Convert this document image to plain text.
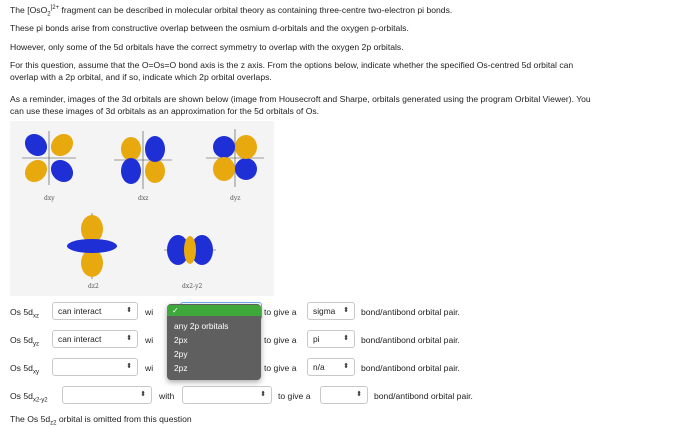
The [OsO$_2^{]2+}$ fragment can be described in molecular orbital theory as containing three-centre two-electron pi bonds.

These pi bonds arise from constructive overlap between the osmium d-orbitals and the oxygen p-orbitals.

However, only some of the 5d orbitals have the correct symmetry to overlap with the oxygen 2p orbitals.

For this question, assume that the O=Os=O bond axis is the z axis. From the options below, indicate whether the specified Os-centred 5d orbital can

overlap with a 2p orbital, and if so, indicate which 2p orbital overlaps.

As a reminder, images of the 3d orbitals are shown below (image from Housecroft and Sharpe, orbitals generated using the program Orbital Viewer). You

can use these images of 3d orbitals as an approximation for the 5d orbitals of Os.

dxy	dxz	dyz
dz2	dx2-y2
Os $5d_{xz}$
can interact	⬍ wi	to give a	sigma ⬍ bond/antibond orbital pair.
Os $5d_{yz}$
can interact	⬍ wi	to give a	pi	⬍ bond/antibond orbital pair.
Os $5d_{xy}$
⬍ wi	to give a	n/a	⬍ bond/antibond orbital pair.
Os $5d_{x2-y2}$
⬍ with	⬍ to give a	⬍ bond/antibond orbital pair.
The Os $5d_{z2}$ orbital is omitted from this question
✓
any 2p orbitals
2px
2py
2pz
